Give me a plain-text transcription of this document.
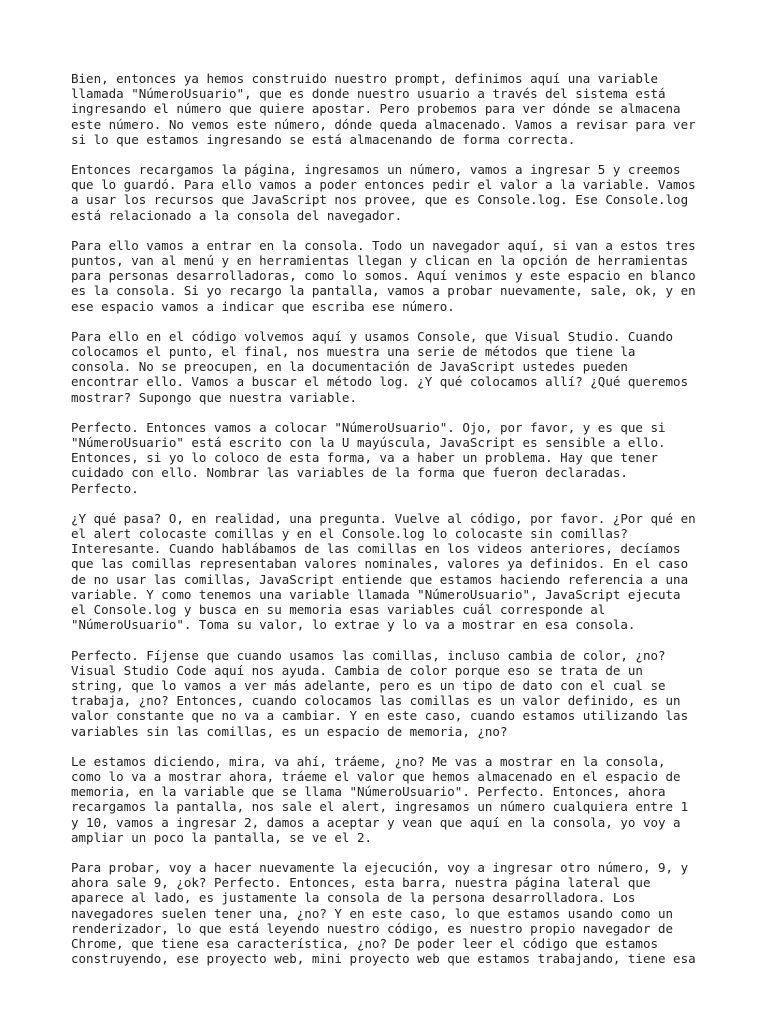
Bien, entonces ya hemos construido nuestro prompt, definimos aquí una variable
llamada "NúmeroUsuario", que es donde nuestro usuario a través del sistema está
ingresando el número que quiere apostar. Pero probemos para ver dónde se almacena
este número. No vemos este número, dónde queda almacenado. Vamos a revisar para ver
si lo que estamos ingresando se está almacenando de forma correcta.

Entonces recargamos la página, ingresamos un número, vamos a ingresar 5 y creemos
que lo guardó. Para ello vamos a poder entonces pedir el valor a la variable. Vamos
a usar los recursos que JavaScript nos provee, que es Console.log. Ese Console.log
está relacionado a la consola del navegador.

Para ello vamos a entrar en la consola. Todo un navegador aquí, si van a estos tres
puntos, van al menú y en herramientas llegan y clican en la opción de herramientas
para personas desarrolladoras, como lo somos. Aquí venimos y este espacio en blanco
es la consola. Si yo recargo la pantalla, vamos a probar nuevamente, sale, ok, y en
ese espacio vamos a indicar que escriba ese número.

Para ello en el código volvemos aquí y usamos Console, que Visual Studio. Cuando
colocamos el punto, el final, nos muestra una serie de métodos que tiene la
consola. No se preocupen, en la documentación de JavaScript ustedes pueden
encontrar ello. Vamos a buscar el método log. ¿Y qué colocamos allí? ¿Qué queremos
mostrar? Supongo que nuestra variable.

Perfecto. Entonces vamos a colocar "NúmeroUsuario". Ojo, por favor, y es que si
"NúmeroUsuario" está escrito con la U mayúscula, JavaScript es sensible a ello.
Entonces, si yo lo coloco de esta forma, va a haber un problema. Hay que tener
cuidado con ello. Nombrar las variables de la forma que fueron declaradas.
Perfecto.

¿Y qué pasa? O, en realidad, una pregunta. Vuelve al código, por favor. ¿Por qué en
el alert colocaste comillas y en el Console.log lo colocaste sin comillas?
Interesante. Cuando hablábamos de las comillas en los videos anteriores, decíamos
que las comillas representaban valores nominales, valores ya definidos. En el caso
de no usar las comillas, JavaScript entiende que estamos haciendo referencia a una
variable. Y como tenemos una variable llamada "NúmeroUsuario", JavaScript ejecuta
el Console.log y busca en su memoria esas variables cuál corresponde al
"NúmeroUsuario". Toma su valor, lo extrae y lo va a mostrar en esa consola.

Perfecto. Fíjense que cuando usamos las comillas, incluso cambia de color, ¿no?
Visual Studio Code aquí nos ayuda. Cambia de color porque eso se trata de un
string, que lo vamos a ver más adelante, pero es un tipo de dato con el cual se
trabaja, ¿no? Entonces, cuando colocamos las comillas es un valor definido, es un
valor constante que no va a cambiar. Y en este caso, cuando estamos utilizando las
variables sin las comillas, es un espacio de memoria, ¿no?

Le estamos diciendo, mira, va ahí, tráeme, ¿no? Me vas a mostrar en la consola,
como lo va a mostrar ahora, tráeme el valor que hemos almacenado en el espacio de
memoria, en la variable que se llama "NúmeroUsuario". Perfecto. Entonces, ahora
recargamos la pantalla, nos sale el alert, ingresamos un número cualquiera entre 1
y 10, vamos a ingresar 2, damos a aceptar y vean que aquí en la consola, yo voy a
ampliar un poco la pantalla, se ve el 2.

Para probar, voy a hacer nuevamente la ejecución, voy a ingresar otro número, 9, y
ahora sale 9, ¿ok? Perfecto. Entonces, esta barra, nuestra página lateral que
aparece al lado, es justamente la consola de la persona desarrolladora. Los
navegadores suelen tener una, ¿no? Y en este caso, lo que estamos usando como un
renderizador, lo que está leyendo nuestro código, es nuestro propio navegador de
Chrome, que tiene esa característica, ¿no? De poder leer el código que estamos
construyendo, ese proyecto web, mini proyecto web que estamos trabajando, tiene esa
